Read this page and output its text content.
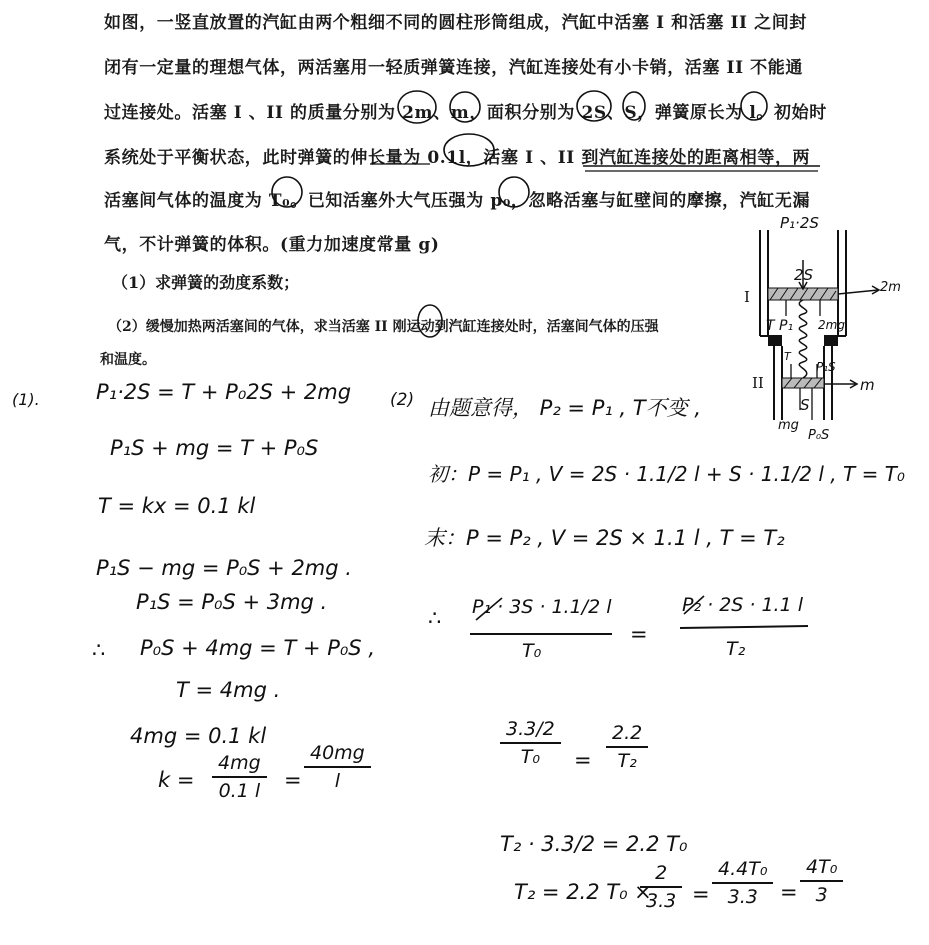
如图，一竖直放置的汽缸由两个粗细不同的圆柱形筒组成，汽缸中活塞 I 和活塞 II 之间封
闭有一定量的理想气体，两活塞用一轻质弹簧连接，汽缸连接处有小卡销，活塞 II 不能通
过连接处。活塞 I 、II 的质量分别为 2m、m，面积分别为 2S、S，弹簧原长为 l。初始时
系统处于平衡状态，此时弹簧的伸长量为 0.1l，活塞 I 、II 到汽缸连接处的距离相等，两
活塞间气体的温度为 T₀。已知活塞外大气压强为 p₀，忽略活塞与缸壁间的摩擦，汽缸无漏
气，不计弹簧的体积。(重力加速度常量 g)
（1）求弹簧的劲度系数；
（2）缓慢加热两活塞间的气体，求当活塞 II 刚运动到汽缸连接处时，活塞间气体的压强
和温度。
P₁·2S
2S
I
2m
T P₁ 2mg
T
P₁S
II	m
S
mg
P₀S
(1).	P₁·2S = T + P₀2S + 2mg
P₁S + mg = T + P₀S
T = kx = 0.1 kl
P₁S − mg = P₀S + 2mg .
P₁S = P₀S + 3mg .
∴ P₀S + 4mg = T + P₀S ,
T = 4mg .
4mg = 0.1 kl
k =
4mg
0.1 l =
40mg
l
(2) 由题意得， P₂ = P₁ , T不变 ,
初：P = P₁ , V = 2S · 1.1/2 l + S · 1.1/2 l , T = T₀
末：P = P₂ , V = 2S × 1.1 l , T = T₂
∴ P₁ · 3S · 1.1/2 l
T₀
=
P₂ · 2S · 1.1 l
T₂
3.3/2
T₀ =
2.2
T₂
T₂ · 3.3/2 = 2.2 T₀
T₂ = 2.2 T₀ ×
2
3.3 =
4.4T₀
3.3 =
4T₀
3
